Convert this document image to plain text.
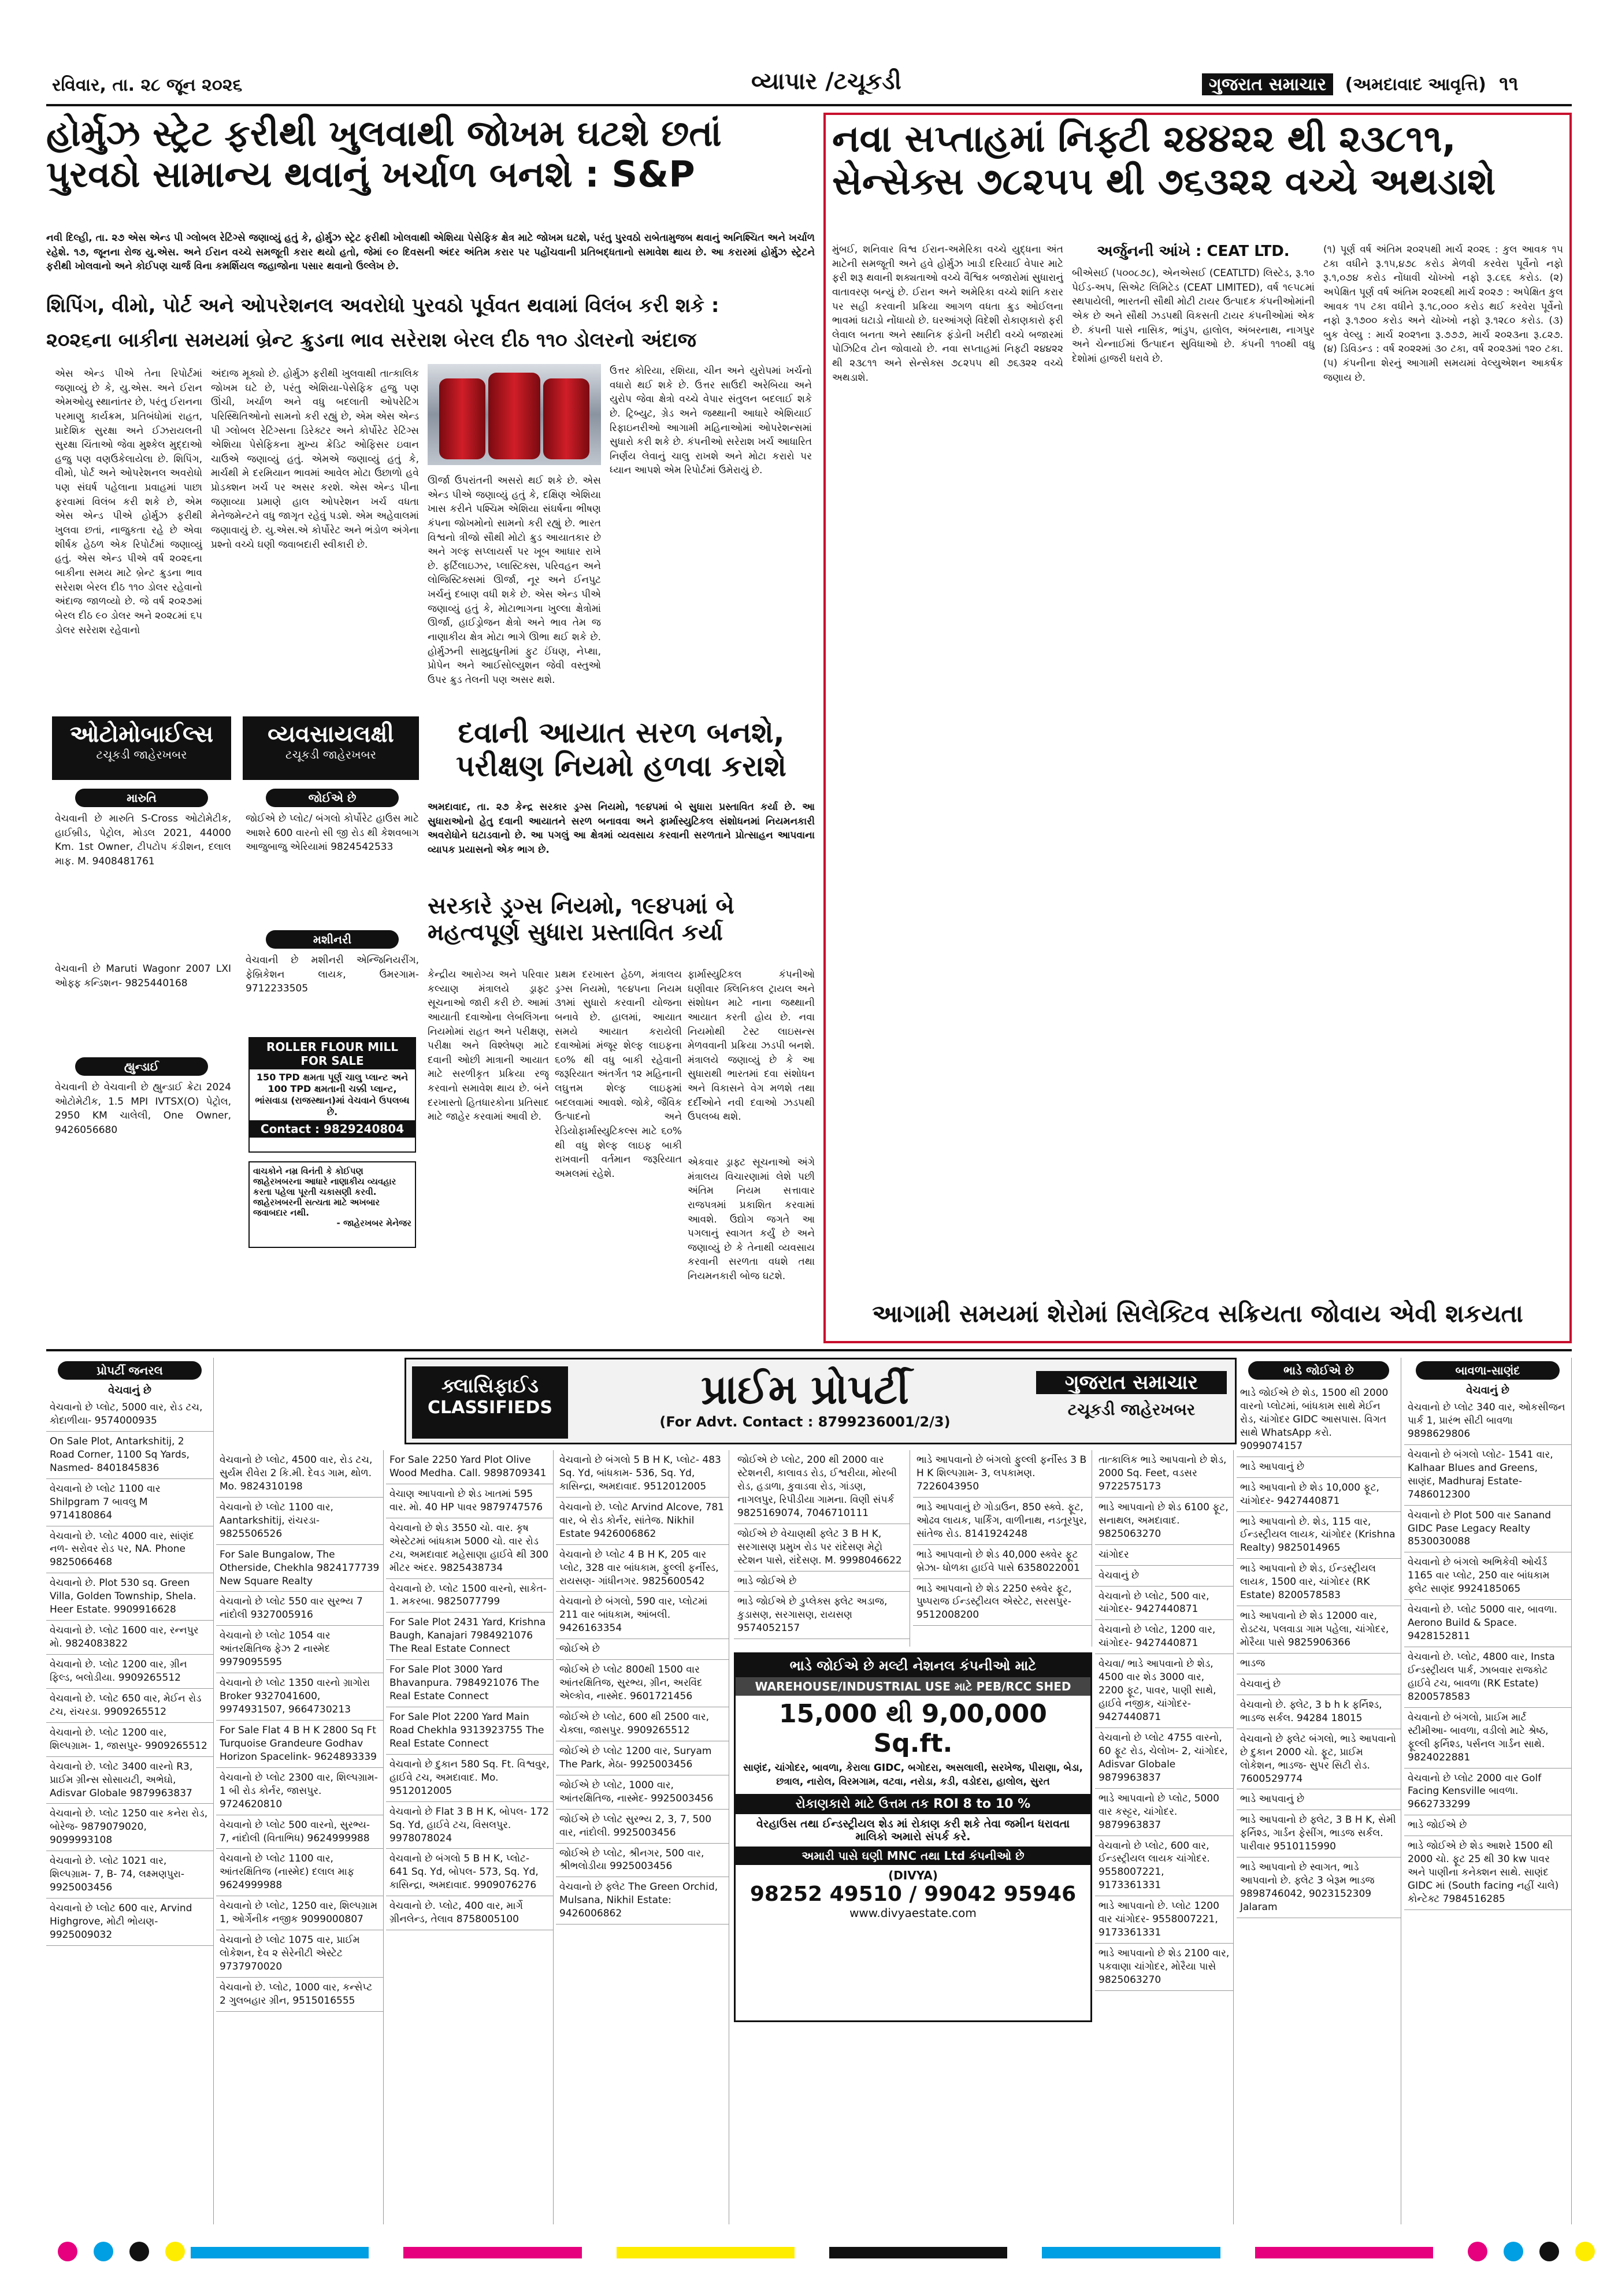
રવિવાર, તા. ૨૮ જૂન ૨૦૨૬	વ્યાપાર /ટચૂકડી	ગુજરાત સમાચાર (અમદાવાદ આવૃત્તિ) ૧૧
હોર્મુઝ સ્ટ્રેટ ફરીથી ખુલવાથી જોખમ ઘટશે છતાં
પુરવઠો સામાન્ય થવાનું ખર્ચાળ બનશે : S&P
નવી દિલ્હી, તા. ૨૭ એસ એન્ડ પી ગ્લોબલ રેટિંગ્સે જણાવ્યું હતું કે, હોર્મુઝ સ્ટ્રેટ ફરીથી ખોલવાથી એશિયા પેસેફિક ક્ષેત્ર માટે જોખમ ઘટશે, પરંતુ પુરવઠો રાબેતામુજબ થવાનું અનિશ્ચિત અને ખર્ચાળ રહેશે. ૧૭, જૂનના રોજ યુ.એસ. અને ઈરાન વચ્ચે સમજૂતી કરાર થયો હતો, જેમાં ૯૦ દિવસની અંદર અંતિમ કરાર પર પહોંચવાની પ્રતિબદ્ધતાનો સમાવેશ થાય છે. આ કરારમાં હોર્મુઝ સ્ટ્રેટને ફરીથી ખોલવાનો અને કોઈપણ ચાર્જ વિના કમર્શિયલ જહાજોના પસાર થવાનો ઉલ્લેખ છે.
શિપિંગ, વીમો, પોર્ટ અને ઓપરેશનલ અવરોધો પુરવઠો પૂર્વવત થવામાં વિલંબ કરી શકે :
૨૦૨૬ના બાકીના સમયમાં બ્રેન્ટ ક્રુડના ભાવ સરેરાશ બેરલ દીઠ ૧૧૦ ડોલરનો અંદાજ
એસ એન્ડ પીએ તેના રિપોર્ટમાં જણાવ્યું છે કે, યુ.એસ. અને ઈરાન એમઓયુ સ્થાનાંતર છે, પરંતુ ઈરાનના પરમાણુ કાર્યક્રમ, પ્રતિબંધોમાં રાહત, પ્રાદેશિક સુરક્ષા અને ઈઝરાયલની સુરક્ષા ચિંતાઓ જેવા મુશ્કેલ મુદ્દાઓ હજુ પણ વણઉકેલાયેલા છે. શિપિંગ, વીમો, પોર્ટ અને ઓપરેશનલ અવરોધો પણ સંઘર્ષ પહેલાના પ્રવાહમાં પાછા ફરવામાં વિલંબ કરી શકે છે, એમ એસ એન્ડ પીએ હોર્મુઝ ફરીથી ખુલવા છતાં, નાજુકતા રહે છે એવા શીર્ષક હેઠળ એક રિપોર્ટમાં જણાવ્યું હતું. એસ એન્ડ પીએ વર્ષ ૨૦૨૬ના બાકીના સમય માટે બ્રેન્ટ ક્રુડના ભાવ સરેરાશ બેરલ દીઠ ૧૧૦ ડોલર રહેવાનો અંદાજ જાળવ્યો છે. જે વર્ષ ૨૦૨૭માં બેરલ દીઠ ૯૦ ડોલર અને ૨૦૨૮માં ૬૫ ડોલર સરેરાશ રહેવાનો
અંદાજ મૂક્યો છે. હોર્મુઝ ફરીથી ખુલવાથી તાત્કાલિક જોખમ ઘટે છે, પરંતુ એશિયા-પેસેફિક હજુ પણ ઊંચી, ખર્ચાળ અને વધુ બદલાતી ઓપરેટિંગ પરિસ્થિતિઓનો સામનો કરી રહ્યું છે, એમ એસ એન્ડ પી ગ્લોબલ રેટિંગ્સના ડિરેક્ટર અને કોર્પોરેટ રેટિંગ્સ એશિયા પેસેફિકના મુખ્ય ક્રેડિટ ઓફિસર ઇવાન ચાઉએ જણાવ્યું હતું. એમએ જણાવ્યું હતું કે, માર્ચથી મે દરમિયાન ભાવમાં આવેલ મોટા ઉછાળો હવે પ્રોડક્શન ખર્ચ પર અસર કરશે. એસ એન્ડ પીના જણાવ્યા પ્રમાણે હાલ ઓપરેશન ખર્ચ વધતા મેનેજમેન્ટને વધુ જાગૃત રહેવું પડશે. એમ અહેવાલમાં જણાવાયું છે. યુ.એસ.એ કોર્પોરેટ અને ભંડોળ અંગેના પ્રશ્નો વચ્ચે ઘણી જવાબદારી સ્વીકારી છે.
ઊર્જા ઉપરાંતની અસરો થઈ શકે છે. એસ એન્ડ પીએ જણાવ્યું હતું કે, દક્ષિણ એશિયા ખાસ કરીને પશ્ચિમ એશિયા સંઘર્ષના ભીષણ કંપના જોખમોનો સામનો કરી રહ્યું છે. ભારત વિશ્વનો ત્રીજો સૌથી મોટો ક્રુડ આયાતકાર છે અને ગલ્ફ સપ્લાયર્સ પર ખૂબ આધાર રાખે છે. ફર્ટિલાઇઝર, પ્લાસ્ટિક્સ, પરિવહન અને લોજિસ્ટિક્સમાં ઊર્જા, નૂર અને ઈનપુટ ખર્ચનું દબાણ વધી શકે છે. એસ એન્ડ પીએ જણાવ્યું હતું કે, મોટાભાગના ખુલ્લા ક્ષેત્રોમાં ઊર્જા, હાઈડ્રોજન ક્ષેત્રો અને ભાવ તેમ જ નાણાકીય ક્ષેત્ર મોટા ભાગે ઊભા થઈ શકે છે. હોર્મુઝની સામુદ્રધુનીમાં ફુટ ઈંધણ, નેપ્થા, પ્રોપેન અને આઈસોલ્યુશન જેવી વસ્તુઓ ઉપર ક્રુડ તેલની પણ અસર થશે.
ઉત્તર કોરિયા, રશિયા, ચીન અને યુરોપમાં ખર્ચનો વધારો થઈ શકે છે. ઉત્તર સાઉદી અરેબિયા અને યુરોપ જેવા ક્ષેત્રો વચ્ચે વેપાર સંતુલન બદલાઈ શકે છે. ટ્રિબ્યુટ, ગ્રેડ અને જથ્થાની આધારે એશિયાઈ રિફાઇનરીઓ આગામી મહિનાઓમાં ઓપરેશન્સમાં સુધારો કરી શકે છે. કંપનીઓ સરેરાશ ખર્ચ આધારિત નિર્ણય લેવાનું ચાલુ રાખશે અને મોટા કરારો પર ધ્યાન આપશે એમ રિપોર્ટમાં ઉમેરાયું છે.
નવા સપ્તાહમાં નિફ્ટી ૨૪૪૨૨ થી ૨૩૮૧૧,
સેન્સેક્સ ૭૮૨૫૫ થી ૭૬૩૨૨ વચ્ચે અથડાશે
મુંબઈ, શનિવાર વિશ્વ ઈરાન-અમેરિકા વચ્ચે યુદ્ધના અંત માટેની સમજૂતી અને હવે હોર્મુઝ ખાડી દરિયાઈ વેપાર માટે ફરી શરૂ થવાની શક્યતાઓ વચ્ચે વૈશ્વિક બજારોમાં સુધારાનું વાતાવરણ બન્યું છે. ઈરાન અને અમેરિકા વચ્ચે શાંતિ કરાર પર સહી કરવાની પ્રક્રિયા આગળ વધતા ક્રુડ ઓઈલના ભાવમાં ઘટાડો નોંધાયો છે. ઘરઆંગણે વિદેશી રોકાણકારો ફરી લેવાલ બનતા અને સ્થાનિક ફંડોની ખરીદી વચ્ચે બજારમાં પોઝિટિવ ટોન જોવાયો છે. નવા સપ્તાહમાં નિફ્ટી ૨૪૪૨૨ થી ૨૩૮૧૧ અને સેન્સેક્સ ૭૮૨૫૫ થી ૭૬૩૨૨ વચ્ચે અથડાશે.
અર્જુનની આંખે : CEAT LTD.
બીએસઈ (૫૦૦૮૭૮), એનએસઈ (CEATLTD) લિસ્ટેડ, રૂ.૧૦ પેઈડ-અપ, સિએટ લિમિટેડ (CEAT LIMITED), વર્ષ ૧૯૫૮માં સ્થપાયેલી, ભારતની સૌથી મોટી ટાયર ઉત્પાદક કંપનીઓમાંની એક છે અને સૌથી ઝડપથી વિકસતી ટાયર કંપનીઓમાં એક છે. કંપની પાસે નાસિક, ભાંડુપ, હાલોલ, અંબરનાથ, નાગપુર અને ચેન્નાઈમાં ઉત્પાદન સુવિધાઓ છે. કંપની ૧૧૦થી વધુ દેશોમાં હાજરી ધરાવે છે.
(૧) પૂર્ણ વર્ષ અંતિમ ૨૦૨૫થી માર્ચ ૨૦૨૬ : કુલ આવક ૧૫ ટકા વધીને રૂ.૧૫,૪૭૮ કરોડ મેળવી કરવેરા પૂર્વેનો નફો રૂ.૧,૦૭૪ કરોડ નોંધાવી ચોખ્ખો નફો રૂ.૮૬૬ કરોડ. (૨) અપેક્ષિત પૂર્ણ વર્ષ અંતિમ ૨૦૨૬થી માર્ચ ૨૦૨૭ : અપેક્ષિત કુલ આવક ૧૫ ટકા વધીને રૂ.૧૮,૦૦૦ કરોડ થઈ કરવેરા પૂર્વેનો નફો રૂ.૧૭૦૦ કરોડ અને ચોખ્ખો નફો રૂ.૧૨૮૦ કરોડ. (૩) બુક વેલ્યુ : માર્ચ ૨૦૨૧ના રૂ.૭૭૭, માર્ચ ૨૦૨૩ના રૂ.૮૨૭. (૪) ડિવિડન્ડ : વર્ષ ૨૦૨૨માં ૩૦ ટકા, વર્ષ ૨૦૨૩માં ૧૨૦ ટકા. (૫) કંપનીના શેરનું આગામી સમયમાં વેલ્યુએશન આકર્ષક જણાય છે.
આગામી સમયમાં શેરોમાં સિલેક્ટિવ સક્રિયતા જોવાય એવી શકયતા
ઓટોમોબાઈલ્સ
ટચૂકડી જાહેરખબર
વ્યવસાયલક્ષી
ટચૂકડી જાહેરખબર
મારુતિ
વેચવાની છે મારુતિ S-Cross ઓટોમેટીક, હાઈબ્રીડ, પેટ્રોલ, મોડલ 2021, 44000 Km. 1st Owner, ટીપટોપ કંડીશન, દલાલ માફ. M. 9408481761
વેચવાની છે Maruti Wagonr 2007 LXI ઓફ્ફ કન્ડિશન- 9825440168
હ્યુન્ડાઈ
વેચવાની છે વેચવાની છે હ્યુન્ડાઈ ક્રેટા 2024 ઓટોમેટીક, 1.5 MPI IVTSX(O) પેટ્રોલ, 2950 KM ચાલેલી, One Owner, 9426056680
જોઈએ છે
જોઈએ છે પ્લોટ/ બંગલો કોર્પોરેટ હાઉસ માટે આશરે 600 વારનો સી જી રોડ થી કેશવબાગ આજુબાજુ એરિયામાં 9824542533
મશીનરી
વેચવાની છે મશીનરી એન્જિનિયરીંગ, ફેબ્રિકેશન લાયક, ઉમરગામ- 9712233505
ROLLER FLOUR MILL FOR SALE
150 TPD ક્ષમતા પૂર્ણ ચાલુ પ્લાન્ટ અને 100 TPD ક્ષમતાની ચક્કી પ્લાન્ટ, ભાંસવાડા (રાજસ્થાન)માં વેચવાને ઉપલબ્ધ છે.
Contact : 9829240804
વાચકોને નમ્ર વિનંતી કે કોઈપણ જાહેરખબરના આધારે નાણાકીય વ્યવહાર કરતા પહેલા પૂરતી ચકાસણી કરવી. જાહેરખબરની સત્યતા માટે અખબાર જવાબદાર નથી.
- જાહેરખબર મેનેજર
દવાની આયાત સરળ બનશે,
પરીક્ષણ નિયમો હળવા કરાશે
અમદાવાદ, તા. ૨૭ કેન્દ્ર સરકાર ડ્રગ્સ નિયમો, ૧૯૪૫માં બે સુધારા પ્રસ્તાવિત કર્યા છે. આ સુધારાઓનો હેતુ દવાની આયાતને સરળ બનાવવા અને ફાર્માસ્યુટિકલ સંશોધનમાં નિયમનકારી અવરોધોને ઘટાડવાનો છે. આ પગલું આ ક્ષેત્રમાં વ્યવસાય કરવાની સરળતાને પ્રોત્સાહન આપવાના વ્યાપક પ્રયાસનો એક ભાગ છે.
સરકારે ડ્રગ્સ નિયમો, ૧૯૪૫માં બે મહત્વપૂર્ણ સુધારા પ્રસ્તાવિત કર્યા
કેન્દ્રીય આરોગ્ય અને પરિવાર કલ્યાણ મંત્રાલયે ડ્રાફ્ટ સૂચનાઓ જારી કરી છે. આમાં આયાતી દવાઓના લેબલિંગના નિયમોમાં રાહત અને પરીક્ષણ, પરીક્ષા અને વિશ્લેષણ માટે દવાની ઓછી માત્રાની આયાત માટે સરળીકૃત પ્રક્રિયા રજૂ કરવાનો સમાવેશ થાય છે. બંને દરખાસ્તો હિતધારકોના પ્રતિસાદ માટે જાહેર કરવામાં આવી છે.
પ્રથમ દરખાસ્ત હેઠળ, મંત્રાલય ડ્રગ્સ નિયમો, ૧૯૪૫ના નિયમ ૩૧માં સુધારો કરવાની યોજના બનાવે છે. હાલમાં, આયાત સમયે આયાત કરાયેલી દવાઓમાં મંજૂર શેલ્ફ લાઇફના ૬૦% થી વધુ બાકી રહેવાની જરૂરિયાત અંતર્ગત ૧૨ મહિનાની લઘુત્તમ શેલ્ફ લાઇફમાં બદલવામાં આવશે. જોકે, જૈવિક ઉત્પાદનો અને રેડિયોફાર્માસ્યુટિકલ્સ માટે ૬૦% થી વધુ શેલ્ફ લાઇફ બાકી રાખવાની વર્તમાન જરૂરિયાત અમલમાં રહેશે.
ફાર્માસ્યુટિકલ કંપનીઓ ઘણીવાર ક્લિનિકલ ટ્રાયલ અને સંશોધન માટે નાના જથ્થાની આયાત કરતી હોય છે. નવા નિયમોથી ટેસ્ટ લાઇસન્સ મેળવવાની પ્રક્રિયા ઝડપી બનશે. મંત્રાલયે જણાવ્યું છે કે આ સુધારાથી ભારતમાં દવા સંશોધન અને વિકાસને વેગ મળશે તથા દર્દીઓને નવી દવાઓ ઝડપથી ઉપલબ્ધ થશે.
એકવાર ડ્રાફ્ટ સૂચનાઓ અંગે મંત્રાલય વિચારણામાં લેશે પછી અંતિમ નિયમ સત્તાવાર રાજપત્રમાં પ્રકાશિત કરવામાં આવશે. ઉદ્યોગ જગતે આ પગલાનું સ્વાગત કર્યું છે અને જણાવ્યું છે કે તેનાથી વ્યવસાય કરવાની સરળતા વધશે તથા નિયમનકારી બોજ ઘટશે.
ક્લાસિફાઈડ
CLASSIFIEDS	પ્રાઈમ પ્રોપર્ટી
(For Advt. Contact : 8799236001/2/3)
ગુજરાત સમાચાર
ટચૂકડી જાહેરખબર
પ્રોપર્ટી જનરલ
વેચવાનું છે
વેચવાનો છે પ્લોટ, 5000 વાર, રોડ ટચ, કોદાળીયા- 9574000935
On Sale Plot, Antarkshitij, 2 Road Corner, 1100 Sq Yards, Nasmed- 8401845836
વેચવાનો છે પ્લોટ 1100 વાર Shilpgram 7 બાવલુ M 9714180864
વેચવાનો છે. પ્લોટ 4000 વાર, સાંણંદ નળ- સરોવર રોડ પર, NA. Phone 9825066468
વેચવાનો છે. Plot 530 sq. Green Villa, Golden Township, Shela. Heer Estate. 9909916628
વેચવાનો છે. પ્લોટ 1600 વાર, રન્નપુર મો. 9824083822
વેચવાનો છે. પ્લોટ 1200 વાર, ગ્રીન ફિલ્ડ, બલોડીયા. 9909265512
વેચવાનો છે. પ્લોટ 650 વાર, મેઈન રોડ ટચ, રાંચરડા. 9909265512
વેચવાનો છે. પ્લોટ 1200 વાર, શિલ્પગ્રામ- 1, જાસપુર- 9909265512
વેચવાનો છે. પ્લોટ 3400 વારનો R3, પ્રાઈમ ગ્રીન્સ સોસાયટી, અભેઘો, Adisvar Globale 9879963837
વેચવાનો છે. પ્લોટ 1250 વાર કનેરા રોડ, બોરેજ- 9879079020, 9099993108
વેચવાનો છે. પ્લોટ 1021 વાર, શિલ્પગ્રામ- 7, B- 74, લક્ષ્મણપુરા- 9925003456
વેચવાનો છે પ્લોટ 600 વાર, Arvind Highgrove, મોટી ભોયણ- 9925009032
વેચવાનો છે પ્લોટ, 4500 વાર, રોડ ટચ, સુર્યમ રીવેરા 2 કિ.મી. દેવડ ગામ, થોળ. Mo. 9824310198
વેચવાનો છે પ્લોટ 1100 વાર, Aantarkshitij, રાંચરડા- 9825506526
For Sale Bungalow, The Otherside, Chekhla 9824177739 New Square Realty
વેચવાનો છે પ્લોટ 550 વાર સુરભ્ય 7 નાંદોલી 9327005916
વેચવાનો છે પ્લોટ 1054 વાર આંતરક્ષિતિજ ફેઝ 2 નાસ્મેદ 9979095595
વેચવાનો છે પ્લોટ 1350 વારનો ગ્રાગોરા Broker 9327041600, 9974931507, 9664730213
For Sale Flat 4 B H K 2800 Sq Ft Turquoise Grandeure Godhav Horizon Spacelink- 9624893339
વેચવાનો છે પ્લોટ 2300 વાર, શિલ્પગ્રામ- 1 બી રોડ કોર્નર, જાસપુર. 9724620810
વેચવાનો છે પ્લોટ 500 વારનો, સુરભ્ય- 7, નાંદોલી (વિતાભિધ) 9624999988
વેચવાનો છે પ્લોટ 1100 વાર, આંતરક્ષિતિજ (નાસ્મેદ) દલાલ માફ 9624999988
વેચવાનો છે પ્લોટ, 1250 વાર, શિલ્પગ્રામ 1, ઓર્ગેનીક નજીક 9099000807
વેચવાનો છે પ્લોટ 1075 વાર, પ્રાઈમ લોકેશન, દેવ ૨ સેરેનીટી એસ્ટેટ 9737970020
વેચવાનો છે. પ્લોટ, 1000 વાર, કન્સેપ્ટ 2 ગુલબહાર ગ્રીન, 9515016555
For Sale 2250 Yard Plot Olive Wood Medha. Call. 9898709341
વેચાણ આપવાનો છે શેડ ખાતમાં 595 વાર. મો. 40 HP પાવર 9879747576
વેચવાનો છે શેડ 3550 ચો. વાર. કૃષ એસ્ટેટમાં બાંધકામ 5000 ચો. વાર રોડ ટચ, અમદાવાદ મહેસાણા હાઈવે થી 300 મીટર અંદર. 9825438734
વેચવાનો છે. પ્લોટ 1500 વારનો, સાકેત- 1. મકરબા. 9825077799
For Sale Plot 2431 Yard, Krishna Baugh, Kanajari 7984921076 The Real Estate Connect
For Sale Plot 3000 Yard Bhavanpura. 7984921076 The Real Estate Connect
For Sale Plot 2200 Yard Main Road Chekhla 9313923755 The Real Estate Connect
વેચવાનો છે દુકાન 580 Sq. Ft. વિશ્વવુર, હાઈવે ટચ, અમદાવાદ. Mo. 9512012005
વેચવાનો છે Flat 3 B H K, બોપલ- 172 Sq. Yd, હાઈવે ટચ, વિસલપુર. 9978078024
વેચવાનો છે બંગલો 5 B H K, પ્લોટ- 641 Sq. Yd, બોપલ- 573, Sq. Yd, કાસિન્દ્રા, અમદાવાદ. 9909076276
વેચવાનો છે. પ્લોટ, 400 વાર, માર્ગે ગ્રીનલેન્ડ, તેલાવ 8758005100
વેચવાનો છે બંગલો 5 B H K, પ્લોટ- 483 Sq. Yd, બાંધકામ- 536, Sq. Yd, કાસિન્દ્રા, અમદાવાદ. 9512012005
વેચવાનો છે. પ્લોટ Arvind Alcove, 781 વાર, બે રોડ કોર્નર, સાંતેજ. Nikhil Estate 9426006862
વેચવાનો છે પ્લોટ 4 B H K, 205 વાર પ્લોટ, 328 વાર બાંધકામ, ફુલ્લી ફર્નીસ્ડ, રાયસણ- ગાંધીનગર. 9825600542
વેચવાનો છે બંગલો, 590 વાર, પ્લોટમાં 211 વાર બાંધકામ, આંબલી. 9426163354
જોઈએ છે
જોઈએ છે પ્લોટ 800થી 1500 વાર આંતરક્ષિતિજ, સુરભ્ય, ગ્રીન, અરવિંદ એલ્કોવ, નાસ્મેદ. 9601721456
જોઈએ છે પ્લોટ, 600 થી 2500 વાર, ચેક્લા, જાસપુર. 9909265512
જોઈએ છે પ્લોટ 1200 વાર, Suryam The Park, મેઠા- 9925003456
જોઈએ છે પ્લોટ, 1000 વાર, આંતરક્ષિતિજ, નાસ્મેદ- 9925003456
જોઈએ છે પ્લોટ સુરભ્ય 2, 3, 7, 500 વાર, નાંદોલી. 9925003456
જોઈએ છે પ્લોટ, શ્રીનગર, 500 વાર, શ્રીભલોડીયા 9925003456
વેચવાનો છે ફ્લેટ The Green Orchid, Mulsana, Nikhil Estate: 9426006862
જોઈએ છે પ્લોટ, 200 થી 2000 વાર સ્ટેશનરી, કાલાવડ રોડ, ઈશ્વરીયા, મોરબી રોડ, હડાળા, કુવાડવા રોડ, ગાંડણ, નાગલપુર, રિપીડીયા ગામના. વિણી સંપર્ક 9825169074, 7046710111
જોઈએ છે વેચાણથી ફ્લેટ 3 B H K, સરગાસણ પ્રમુખ રોડ પર રાંદેસણ મેટ્રો સ્ટેશન પાસે, રાંદેસણ. M. 9998046622
ભાડે જોઈએ છે
ભાડે જોઈએ છે ડુપ્લેક્સ ફ્લેટ અડાજ, કુડાસણ, સરગાસણ, રાયસણ 9574052157
ભાડે આપવાનો છે બંગલો ફુલ્લી ફર્નીસ્ડ 3 B H K શિલ્પગ્રામ- 3, લપકામણ. 7226043950
ભાડે આપવાનું છે ગોડાઉન, 850 સ્ક્વે. ફૂટ, ઓઢવ લાયક, પાર્કિંગ, વાળીનાથ, નડતૂરપુર, સાંતેજ રોડ. 8141924248
ભાડે આપવાનો છે શેડ 40,000 સ્ક્વેર ફૂટ બ્રેઝા- ધોળકા હાઈવે પાસે 6358022001
ભાડે આપવાનો છે શેડ 2250 સ્ક્વેર ફૂટ, પુષ્પરાજ ઈન્ડસ્ટ્રીયલ એસ્ટેટ, સરસપુર- 9512008200
તાત્કાલિક ભાડે આપવાનો છે શેડ, 2000 Sq. Feet, વડસર 9722575173
ભાડે આપવાનો છે શેડ 6100 ફૂટ, સનાથલ, અમદાવાદ. 9825063270
ચાંગોદર
વેચવાનું છે
વેચવાનો છે પ્લોટ, 500 વાર, ચાંગોદર- 9427440871
વેચવાનો છે પ્લોટ, 1200 વાર, ચાંગોદર- 9427440871
વેચવા/ ભાડે આપવાનો છે શેડ, 4500 વાર શેડ 3000 વાર, 2200 ફૂટ, પાવર, પાણી સાથે, હાઈવે નજીક, ચાંગોદર- 9427440871
વેચવાનો છે પ્લોટ 4755 વારનો, 60 ફૂટ રોડ, ચેલોખ- 2, ચાંગોદર, Adisvar Globale 9879963837
ભાડે આપવાનો છે પ્લોટ, 5000 વાર કસ્ટ્ટર, ચાંગોદર. 9879963837
વેચવાનો છે પ્લોટ, 600 વાર, ઈન્ડસ્ટ્રીયલ લાયક ચાંગોદર. 9558007221, 9173361331
ભાડે આપવાનો છે. પ્લોટ 1200 વાર ચાંગોદર- 9558007221, 9173361331
ભાડે આપવાનો છે શેડ 2100 વાર, પકવાણા ચાંગોદર, મોરૈયા પાસે 9825063270
ભાડે જોઈએ છે
ભાડે જોઈએ છે શેડ, 1500 થી 2000 વારનો પ્લોટમાં, બાંધકામ સાથે મેઈન રોડ, ચાંગોદર GIDC આસપાસ. વિગત સાથે WhatsApp કરો. 9099074157
ભાડે આપવાનું છે
ભાડે આપવાનો છે શેડ 10,000 ફૂટ, ચાંગોદર- 9427440871
ભાડે આપવાનો છે. શેડ, 115 વાર, ઈન્ડસ્ટ્રીયલ લાયક, ચાંગોદર (Krishna Realty) 9825014965
ભાડે આપવાનો છે શેડ, ઈન્ડસ્ટ્રીયલ લાયક, 1500 વાર, ચાંગોદર (RK Estate) 8200578583
ભાડે આપવાનો છે શેડ 12000 વાર, રોડટચ, પલવાડા ગામ પહેલા, ચાંગોદર, મોરૈયા પાસે 9825906366
ભાડજ
વેચવાનું છે
વેચવાનો છે. ફ્લેટ, 3 b h k ફર્નિશ્ડ, ભાડજ સર્કલ. 94284 18015
વેચવાનો છે ફ્લેટ બંગલો, ભાડે આપવાનો છે દુકાન 2000 ચો. ફૂટ, પ્રાઈમ લોકેશન, ભાડજ- સુપર સિટી રોડ. 7600529774
ભાડે આપવાનું છે
ભાડે આપવાનો છે ફ્લેટ, 3 B H K, સેમી ફર્નિશ્ડ, ગાર્ડન ફેસીંગ, ભાડજ સર્કલ. પારીવાર 9510115990
ભાડે આપવાનો છે સ્વાગત, ભાડે આપવાનો છે. ફ્લેટ 3 બેરૂમ ભાડજ 9898746042, 9023152309 Jalaram
બાવળા-સાણંદ
વેચવાનું છે
વેચવાનો છે પ્લોટ 340 વાર, ઓકસીજન પાર્ક 1, પ્રારંભ સીટી બાવળા 9898629806
વેચવાનો છે બંગલો પ્લોટ- 1541 વાર, Kalhaar Blues and Greens, સાણંદ, Madhuraj Estate- 7486012300
વેચવાનો છે Plot 500 વાર Sanand GIDC Pase Legacy Realty 8530030088
વેચવાનો છે બંગલો અભિકેવી ઓર્ચર્ડ 1165 વાર પ્લોટ, 250 વાર બાંધકામ ફ્લેટ સાણંદ 9924185065
વેચવાનો છે. પ્લોટ 5000 વાર, બાવળા. Aerono Build & Space. 9428152811
વેચવાનો છે. પ્લોટ, 4800 વાર, Insta ઈન્ડસ્ટ્રીયલ પાર્ક, ઝાબવાર રાજકોટ હાઈવે ટચ, બાવળા (RK Estate) 8200578583
વેચવાનો છે બંગલો, પ્રાઈમ માર્ટ સ્ટીમીઆ- બાવળા, વડીલો માટે શ્રેષ્ઠ, ફૂલ્લી ફર્નિશ્ડ, પર્સનલ ગાર્ડન સાથે. 9824022881
વેચવાનો છે પ્લોટ 2000 વાર Golf Facing Kensville બાવળા. 9662733299
ભાડે જોઈએ છે
ભાડે જોઈએ છે શેડ આશરે 1500 થી 2000 ચો. ફૂટ 25 થી 30 kw પાવર અને પાણીના કનેક્શન સાથે. સાણંદ GIDC માં (South facing નહીં ચાલે) કોન્ટેક્ટ 7984516285
ભાડે જોઈએ છે મલ્ટી નેશનલ કંપનીઓ માટે
WAREHOUSE/INDUSTRIAL USE માટે PEB/RCC SHED
15,000 થી 9,00,000 Sq.ft.
સાણંદ, ચાંગોદર, બાવળા, કેરાલા GIDC, બગોદરા, અસલાલી, સરખેજ, પીરાણા, બેડા, છત્રાલ, નારોલ, વિરમગામ, વટવા, નરોડા, કડી, વડોદરા, હાલોલ, સુરત
રોકાણકારો માટે ઉત્તમ તક ROI 8 to 10 %
વેરહાઉસ તથા ઈન્ડસ્ટ્રીયલ શેડ માં રોકાણ કરી શકે તેવા જમીન ધરાવતા માલિકો અમારો સંપર્ક કરે.
અમારી પાસે ઘણી MNC તથા Ltd કંપનીઓ છે
(DIVYA)
98252 49510 / 99042 95946
www.divyaestate.com
